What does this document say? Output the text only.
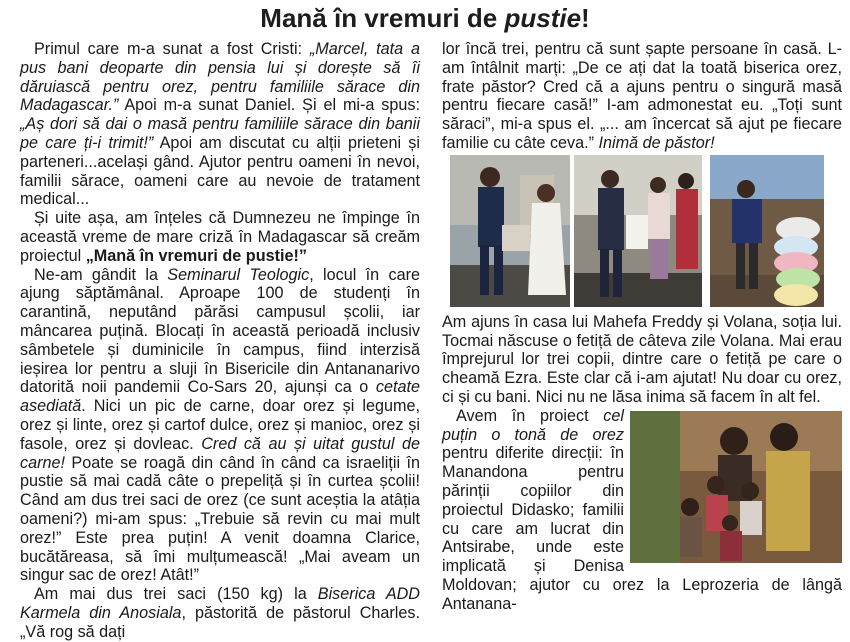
Mană în vremuri de pustie!

Primul care m-a sunat a fost Cristi: „Marcel, tata a pus bani deoparte din pensia lui și dorește să îi dăruiască pentru orez, pentru familiile sărace din Madagascar.” Apoi m-a sunat Daniel. Și el mi-a spus: „Aș dori să dai o masă pentru familiile sărace din banii pe care ți-i trimit!” Apoi am discutat cu alții prieteni și parteneri...același gând. Ajutor pentru oameni în nevoi, familii sărace, oameni care au nevoie de tratament medical...

Și uite așa, am înțeles că Dumnezeu ne împinge în această vreme de mare criză în Madagascar să creăm proiectul „Mană în vremuri de pustie!”

Ne-am gândit la Seminarul Teologic, locul în care ajung săptămânal. Aproape 100 de studenți în carantină, neputând părăsi campusul școlii, iar mâncarea puțină. Blocați în această perioadă inclusiv sâmbetele și duminicile în campus, fiind interzisă ieșirea lor pentru a sluji în Bisericile din Antananarivo datorită noii pandemii Co-Sars 20, ajunși ca o cetate asediată. Nici un pic de carne, doar orez și legume, orez și linte, orez și cartof dulce, orez și manioc, orez și fasole, orez și dovleac. Cred că au și uitat gustul de carne! Poate se roagă din când în când ca israeliții în pustie să mai cadă câte o prepeliță și în curtea școlii! Când am dus trei saci de orez (ce sunt aceștia la atâția oameni?) mi-am spus: „Trebuie să revin cu mai mult orez!” Este prea puțin! A venit doamna Clarice, bucătăreasa, să îmi mulțumească! „Mai aveam un singur sac de orez! Atât!”

Am mai dus trei saci (150 kg) la Biserica ADD Karmela din Anosiala, păstorită de păstorul Charles. „Vă rog să dați

lor încă trei, pentru că sunt șapte persoane în casă. L-am întâlnit marți: „De ce ați dat la toată biserica orez, frate păstor? Cred că a ajuns pentru o singură masă pentru fiecare casă!” I-am admonestat eu. „Toți sunt săraci”, mi-a spus el. „... am încercat să ajut pe fiecare familie cu câte ceva.” Inimă de păstor!

Am ajuns în casa lui Mahefa Freddy și Volana, soția lui. Tocmai născuse o fetiță de câteva zile Volana. Mai erau împrejurul lor trei copii, dintre care o fetiță pe care o cheamă Ezra. Este clar că i-am ajutat! Nu doar cu orez, ci și cu bani. Nici nu ne lăsa inima să facem în alt fel.

Avem în proiect cel puțin o tonă de orez pentru diferite direcții: în Manandona pentru părinții copiilor din proiectul Didasko; familii cu care am lucrat din Antsirabe, unde este implicată și Denisa Moldovan; ajutor cu orez la Leprozeria de lângă Antanana-
